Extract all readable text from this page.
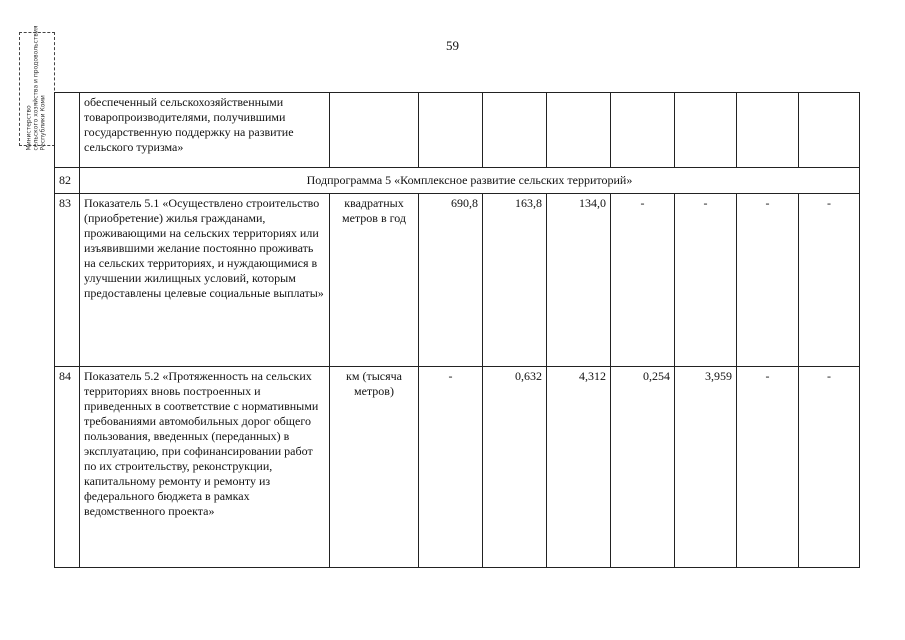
59
Министерство сельского хозяйства и продовольствия Республики Коми
		обеспеченный сельскохозяйственными товаропроизводителями, получившими государственную поддержку на развитие сельского туризма»								
82	Подпрограмма 5 «Комплексное развитие сельских территорий»								
83	Показатель 5.1 «Осуществлено строительство (приобретение) жилья гражданами, проживающими на сельских территориях или изъявившими желание постоянно проживать на сельских территориях, и нуждающимися в улучшении жилищных условий, которым предоставлены целевые социальные выплаты»	квадратных метров в год	690,8	163,8	134,0	-	-	-	-
84	Показатель 5.2 «Протяженность на сельских территориях вновь построенных и приведенных в соответствие с нормативными требованиями автомобильных дорог общего пользования, введенных (переданных) в эксплуатацию, при софинансировании работ по их строительству, реконструкции, капитальному ремонту и ремонту из федерального бюджета в рамках ведомственного проекта»	км (тысяча метров)	-	0,632	4,312	0,254	3,959	-	-
